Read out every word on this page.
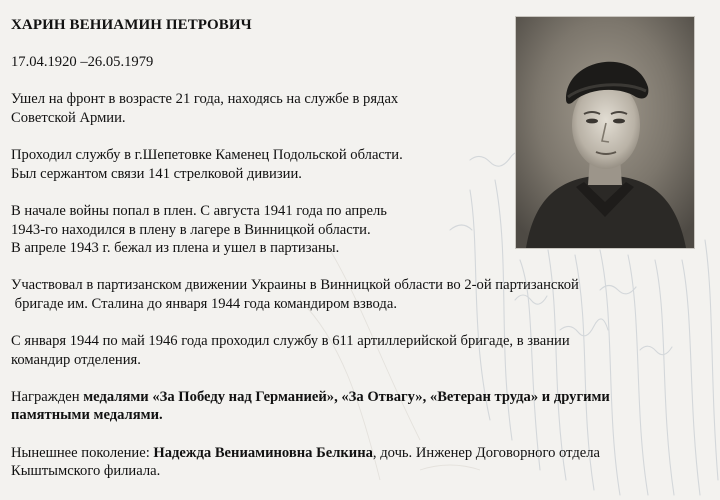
ХАРИН ВЕНИАМИН ПЕТРОВИЧ

17.04.1920 –26.05.1979

Ушел на фронт в возрасте 21 года, находясь на службе в рядах

Советской Армии.

Проходил службу в г.Шепетовке Каменец Подольской области.

Был сержантом связи 141 стрелковой дивизии.

В начале войны попал в плен. С августа 1941 года по апрель

1943-го находился в плену в лагере в Винницкой области.

В апреле 1943 г. бежал из плена и ушел в партизаны.

Участвовал в партизанском движении Украины в Винницкой области во 2-ой партизанской

бригаде им. Сталина до января 1944 года командиром взвода.

С января 1944 по май 1946 года проходил службу в 611 артиллерийской бригаде, в звании

командир отделения.

Награжден медалями «За Победу над Германией», «За Отвагу», «Ветеран труда» и другими

памятными медалями.

Нынешнее поколение: Надежда Вениаминовна Белкина, дочь. Инженер Договорного отдела

Кыштымского филиала.
